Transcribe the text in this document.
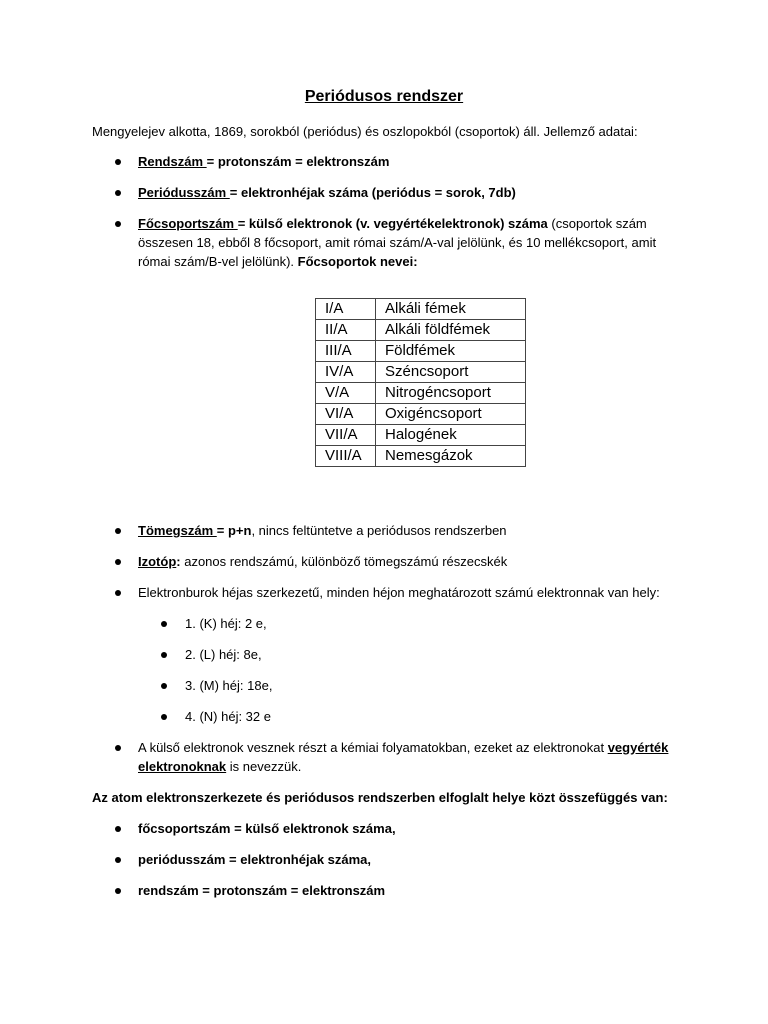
Periódusos rendszer
Mengyelejev alkotta, 1869, sorokból (periódus) és oszlopokból (csoportok) áll. Jellemző adatai:
Rendszám = protonszám = elektronszám
Periódusszám = elektronhéjak száma (periódus = sorok, 7db)
Főcsoportszám = külső elektronok (v. vegyértékelektronok) száma (csoportok szám összesen 18, ebből 8 főcsoport, amit római szám/A-val jelölünk, és 10 mellékcsoport, amit római szám/B-vel jelölünk). Főcsoportok nevei:
I/A	Alkáli fémek
II/A	Alkáli földfémek
III/A	Földfémek
IV/A	Széncsoport
V/A	Nitrogéncsoport
VI/A	Oxigéncsoport
VII/A	Halogének
VIII/A	Nemesgázok
Tömegszám = p+n, nincs feltüntetve a periódusos rendszerben
Izotóp: azonos rendszámú, különböző tömegszámú részecskék
Elektronburok héjas szerkezetű, minden héjon meghatározott számú elektronnak van hely:
1. (K) héj: 2 e,
2. (L) héj: 8e,
3. (M) héj: 18e,
4. (N) héj: 32 e
A külső elektronok vesznek részt a kémiai folyamatokban, ezeket az elektronokat vegyérték
elektronoknak is nevezzük.
Az atom elektronszerkezete és periódusos rendszerben elfoglalt helye közt összefüggés van:
főcsoportszám = külső elektronok száma,
periódusszám = elektronhéjak száma,
rendszám = protonszám = elektronszám
